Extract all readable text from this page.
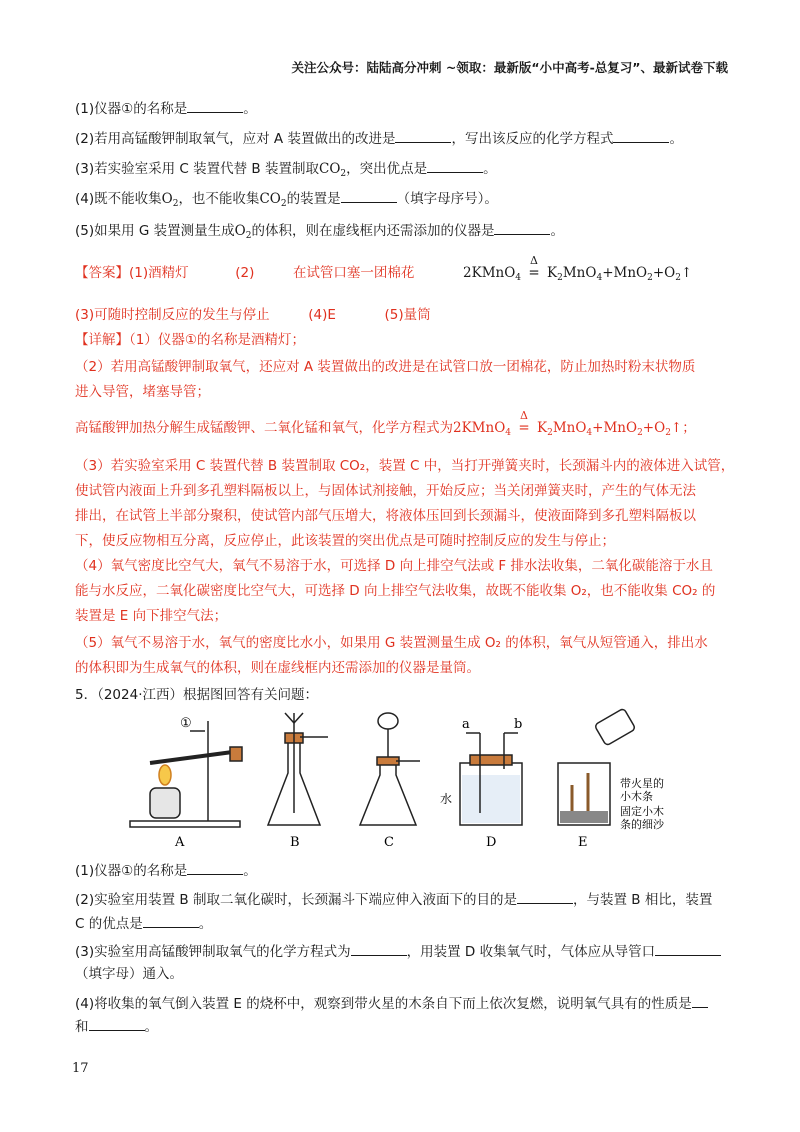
关注公众号：陆陆高分冲刺 ~领取：最新版“小中高考-总复习”、最新试卷下载
(1)仪器①的名称是	。
(2)若用高锰酸钾制取氧气，应对 A 装置做出的改进是	，写出该反应的化学方程式	。
(3)若实验室采用 C 装置代替 B 装置制取$CO_2$，突出优点是	。
(4)既不能收集$O_2$，也不能收集$CO_2$的装置是	（填字母序号）。
(5)如果用 G 装置测量生成$O_2$的体积，则在虚线框内还需添加的仪器是	。
【答案】(1)酒精灯	(2)	在试管口塞一团棉花	2KMnO$_4$
Δ
= $K_2MnO_4+MnO_2+O_2↑$
(3)可随时控制反应的发生与停止	(4)E	(5)量筒
【详解】（1）仪器①的名称是酒精灯；
（2）若用高锰酸钾制取氧气，还应对 A 装置做出的改进是在试管口放一团棉花，防止加热时粉末状物质
进入导管，堵塞导管；
高锰酸钾加热分解生成锰酸钾、二氧化锰和氧气，化学方程式为2KMnO$_4$
Δ
= $K_2MnO_4+MnO_2+O_2↑$；
（3）若实验室采用 C 装置代替 B 装置制取 CO₂，装置 C 中，当打开弹簧夹时，长颈漏斗内的液体进入试管，
使试管内液面上升到多孔塑料隔板以上，与固体试剂接触，开始反应；当关闭弹簧夹时，产生的气体无法
排出，在试管上半部分聚积，使试管内部气压增大，将液体压回到长颈漏斗，使液面降到多孔塑料隔板以
下，使反应物相互分离，反应停止，此该装置的突出优点是可随时控制反应的发生与停止；
（4）氧气密度比空气大，氧气不易溶于水，可选择 D 向上排空气法或 F 排水法收集，二氧化碳能溶于水且
能与水反应，二氧化碳密度比空气大，可选择 D 向上排空气法收集，故既不能收集 O₂，也不能收集 CO₂ 的
装置是 E 向下排空气法；
（5）氧气不易溶于水，氧气的密度比水小，如果用 G 装置测量生成 O₂ 的体积，氧气从短管通入，排出水
的体积即为生成氧气的体积，则在虚线框内还需添加的仪器是量筒。
5．（2024·江西）根据图回答有关问题：
①
A	B	C
a	b
水
D
带火星的
小木条
固定小木
条的细沙
E
(1)仪器①的名称是	。
(2)实验室用装置 B 制取二氧化碳时，长颈漏斗下端应伸入液面下的目的是	，与装置 B 相比，装置
C 的优点是	。
(3)实验室用高锰酸钾制取氧气的化学方程式为	，用装置 D 收集氧气时，气体应从导管口
（填字母）通入。
(4)将收集的氧气倒入装置 E 的烧杯中，观察到带火星的木条自下而上依次复燃，说明氧气具有的性质是
和	。
17
